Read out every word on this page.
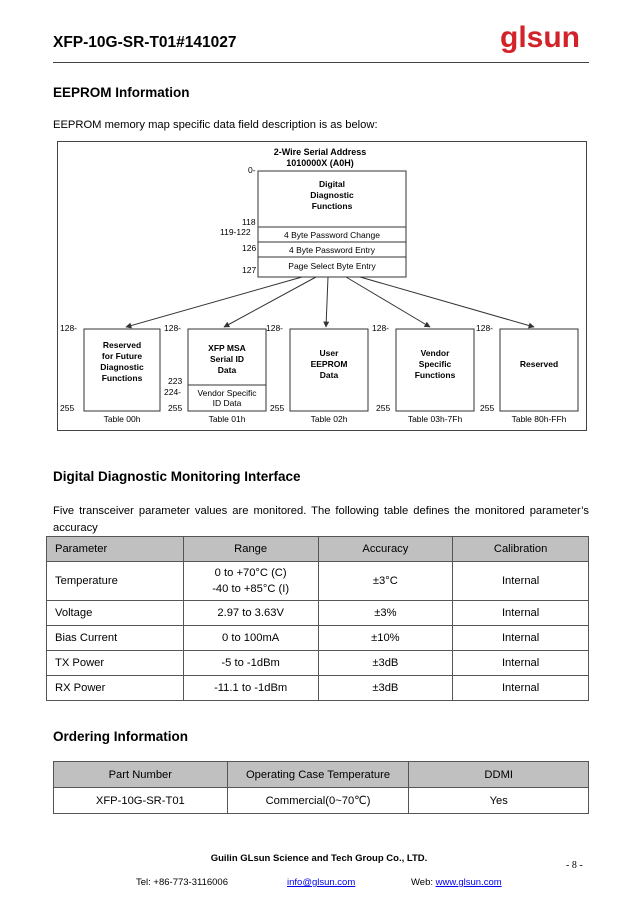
XFP-10G-SR-T01#141027	glsun
EEPROM Information
EEPROM memory map specific data field description is as below:
2-Wire Serial Address
1010000X (A0H)
Digital
Diagnostic
Functions
4 Byte Password Change
4 Byte Password Entry
Page Select Byte Entry
0-
118
119-122
126
127
Reserved
for Future
Diagnostic
Functions
Table 00h
128-
255
XFP MSA
Serial ID
Data
Vendor Specific
ID Data
Table 01h
128-
223
224-
255
User
EEPROM
Data
Table 02h
128-
255
Vendor
Specific
Functions
Table 03h-7Fh
128-
255
Reserved
Table 80h-FFh
128-
255
Digital Diagnostic Monitoring Interface
Five transceiver parameter values are monitored. The following table defines the monitored parameter’s
accuracy
Parameter	Range	Accuracy	Calibration
Temperature	0 to +70°C (C)
-40 to +85°C (I)	±3°C	Internal
Voltage	2.97 to 3.63V	±3%	Internal
Bias Current	0 to 100mA	±10%	Internal
TX Power	-5 to -1dBm	±3dB	Internal
RX Power	-11.1 to -1dBm	±3dB	Internal
Ordering Information
Part Number	Operating Case Temperature	DDMI
XFP-10G-SR-T01	Commercial(0~70℃)	Yes
Guilin GLsun Science and Tech Group Co., LTD.
- 8 -
Tel: +86-773-3116006	info@glsun.com	Web: www.glsun.com
